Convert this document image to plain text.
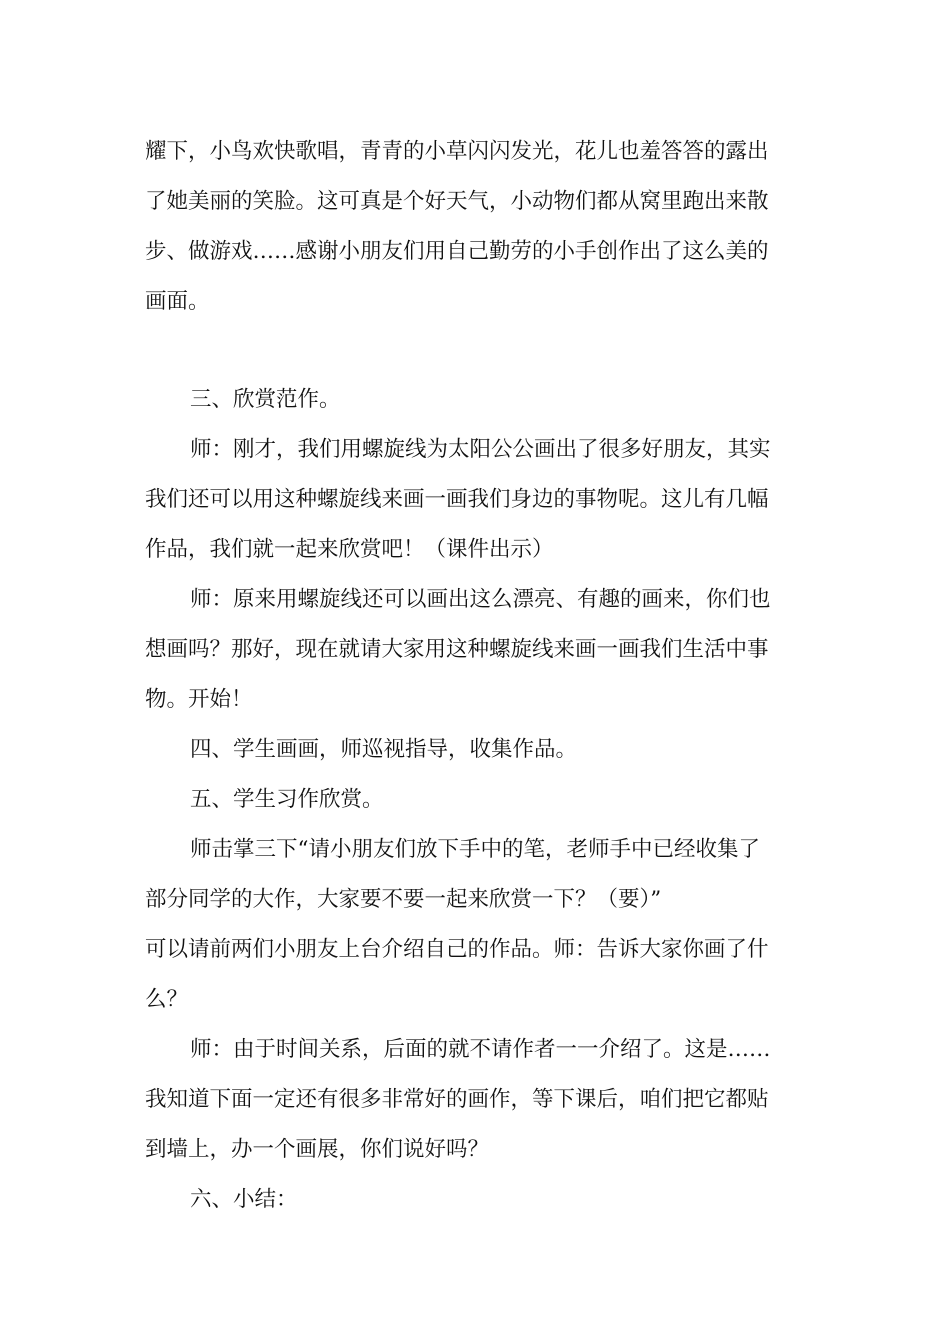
耀下，小鸟欢快歌唱，青青的小草闪闪发光，花儿也羞答答的露出
了她美丽的笑脸。这可真是个好天气，小动物们都从窝里跑出来散
步、做游戏……感谢小朋友们用自己勤劳的小手创作出了这么美的
画面。
三、欣赏范作。
师：刚才，我们用螺旋线为太阳公公画出了很多好朋友，其实
我们还可以用这种螺旋线来画一画我们身边的事物呢。这儿有几幅
作品，我们就一起来欣赏吧！（课件出示）
师：原来用螺旋线还可以画出这么漂亮、有趣的画来，你们也
想画吗？那好，现在就请大家用这种螺旋线来画一画我们生活中事
物。开始！
四、学生画画，师巡视指导，收集作品。
五、学生习作欣赏。
师击掌三下“请小朋友们放下手中的笔，老师手中已经收集了
部分同学的大作，大家要不要一起来欣赏一下？（要）”
可以请前两们小朋友上台介绍自己的作品。师：告诉大家你画了什
么？
师：由于时间关系，后面的就不请作者一一介绍了。这是……
我知道下面一定还有很多非常好的画作，等下课后，咱们把它都贴
到墙上，办一个画展，你们说好吗？
六、小结：
